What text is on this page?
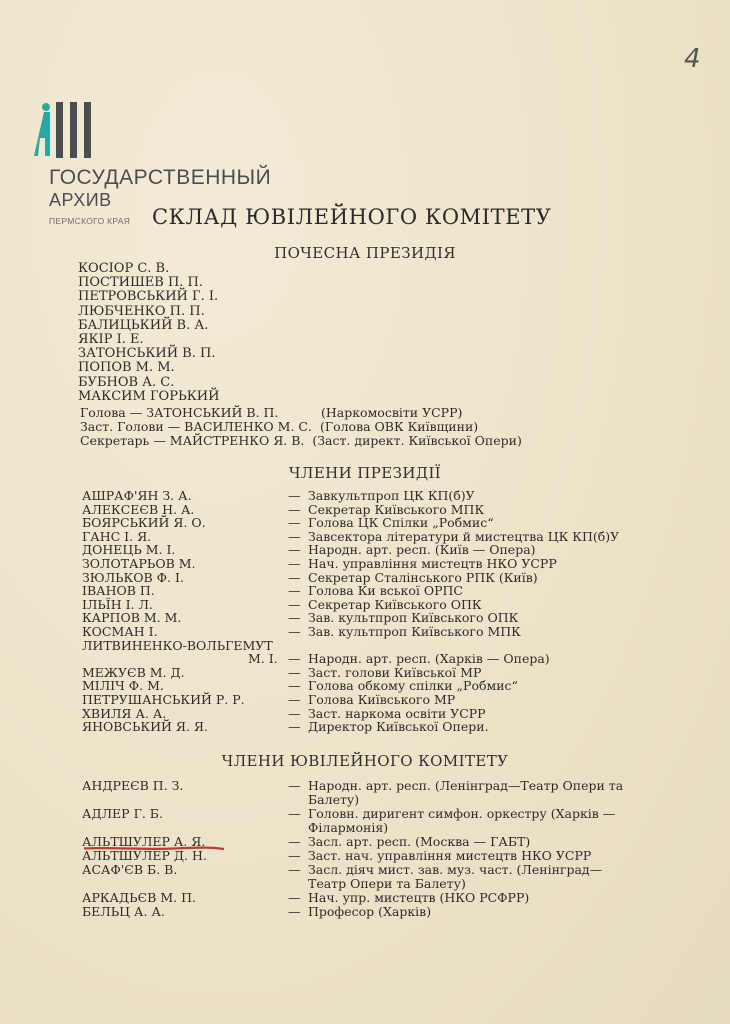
4
ГОСУДАРСТВЕННЫЙ
АРХИВ
ПЕРМСКОГО КРАЯ СКЛАД ЮВІЛЕЙНОГО КОМІТЕТУ
ПОЧЕСНА ПРЕЗИДІЯ
КОСІОР С. В.
ПОСТИШЕВ П. П.
ПЕТРОВСЬКИЙ Г. І.
ЛЮБЧЕНКО П. П.
БАЛИЦЬКИЙ В. А.
ЯКІР І. Е.
ЗАТОНСЬКИЙ В. П.
ПОПОВ М. М.
БУБНОВ А. С.
МАКСИМ ГОРЬКИЙ
Голова — ЗАТОНСЬКИЙ В. П.	(Наркомосвіти УСРР)
Заст. Голови — ВАСИЛЕНКО М. С. (Голова ОВК Київщини)
Секретарь — МАЙСТРЕНКО Я. В. (Заст. директ. Київської Опери)
ЧЛЕНИ ПРЕЗИДІЇ
АШРАФ'ЯН З. А.	— Завкультпроп ЦК КП(б)У
АЛЕКСЕЄВ Н. А.	— Секретар Київського МПК
БОЯРСЬКИЙ Я. О.	— Голова ЦК Спілки „Робмис“
ГАНС І. Я.	— Завсектора літератури й мистецтва ЦК КП(б)У
ДОНЕЦЬ М. І.	— Народн. арт. респ. (Київ — Опера)
ЗОЛОТАРЬОВ М.	— Нач. управління мистецтв НКО УСРР
ЗЮЛЬКОВ Ф. І.	— Секретар Сталінського РПК (Київ)
ІВАНОВ П.	— Голова Ки вської ОРПС
ІЛЬЇН І. Л.	— Секретар Київського ОПК
КАРПОВ М. М.	— Зав. культпроп Київського ОПК
КОСМАН І.	— Зав. культпроп Київського МПК
ЛИТВИНЕНКО-ВОЛЬГЕМУТ
М. І. — Народн. арт. респ. (Харків — Опера)
МЕЖУЄВ М. Д.	— Заст. голови Київської МР
МІЛІЧ Ф. М.	— Голова обкому спілки „Робмис“
ПЕТРУШАНСЬКИЙ Р. Р.	— Голова Київського МР
ХВИЛЯ А. А.	— Заст. наркома освіти УСРР
ЯНОВСЬКИЙ Я. Я.	— Директор Київської Опери.
ЧЛЕНИ ЮВІЛЕЙНОГО КОМІТЕТУ
АНДРЕЄВ П. З.	— Народн. арт. респ. (Ленінград—Театр Опери та Балету)
АДЛЕР Г. Б.	— Головн. диригент симфон. оркестру (Харків — Філармонія)
АЛЬТШУЛЕР А. Я.	— Засл. арт. респ. (Москва — ГАБТ)
АЛЬТШУЛЕР Д. Н.	— Заст. нач. управління мистецтв НКО УСРР
АСАФ'ЄВ Б. В.	— Засл. діяч мист. зав. муз. част. (Ленінград— Театр Опери та Балету)
АРКАДЬЄВ М. П.	— Нач. упр. мистецтв (НКО РСФРР)
БЕЛЬЦ А. А.	— Професор (Харків)
